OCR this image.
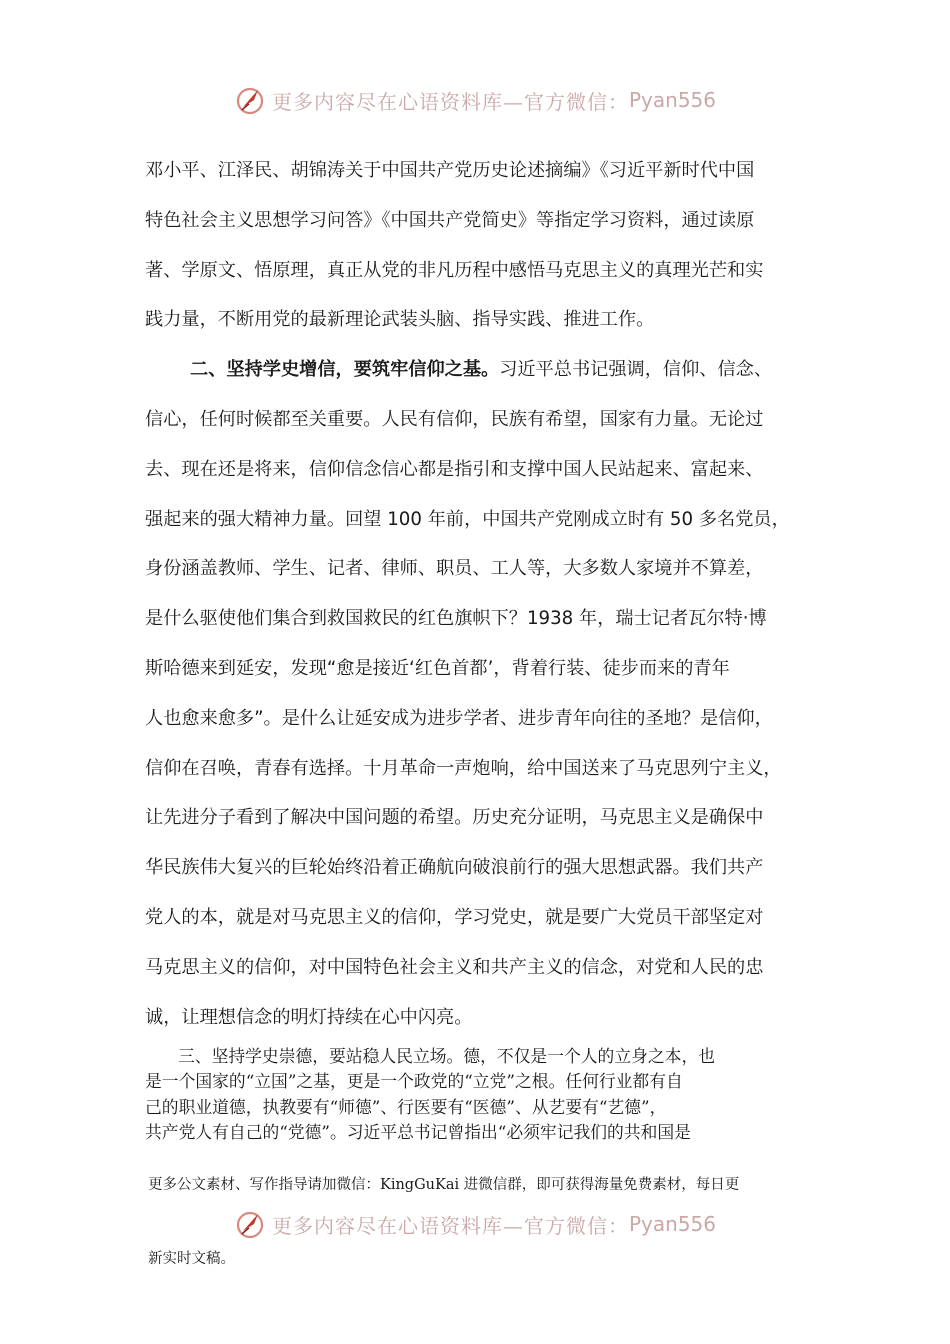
更多内容尽在心语资料库—官方微信： Pyan556
邓小平、江泽民、胡锦涛关于中国共产党历史论述摘编》《习近平新时代中国
特色社会主义思想学习问答》《中国共产党简史》等指定学习资料，通过读原
著、学原文、悟原理，真正从党的非凡历程中感悟马克思主义的真理光芒和实
践力量，不断用党的最新理论武装头脑、指导实践、推进工作。
二、坚持学史增信，要筑牢信仰之基。习近平总书记强调，信仰、信念、
信心，任何时候都至关重要。人民有信仰，民族有希望，国家有力量。无论过
去、现在还是将来，信仰信念信心都是指引和支撑中国人民站起来、富起来、
强起来的强大精神力量。回望 100 年前，中国共产党刚成立时有 50 多名党员，
身份涵盖教师、学生、记者、律师、职员、工人等，大多数人家境并不算差，
是什么驱使他们集合到救国救民的红色旗帜下？1938 年，瑞士记者瓦尔特·博
斯哈德来到延安，发现“愈是接近‘红色首都’，背着行装、徒步而来的青年
人也愈来愈多”。是什么让延安成为进步学者、进步青年向往的圣地？是信仰，
信仰在召唤，青春有选择。十月革命一声炮响，给中国送来了马克思列宁主义，
让先进分子看到了解决中国问题的希望。历史充分证明，马克思主义是确保中
华民族伟大复兴的巨轮始终沿着正确航向破浪前行的强大思想武器。我们共产
党人的本，就是对马克思主义的信仰，学习党史，就是要广大党员干部坚定对
马克思主义的信仰，对中国特色社会主义和共产主义的信念，对党和人民的忠
诚，让理想信念的明灯持续在心中闪亮。
三、坚持学史崇德，要站稳人民立场。德，不仅是一个人的立身之本，也
是一个国家的“立国”之基，更是一个政党的“立党”之根。任何行业都有自
己的职业道德，执教要有“师德”、行医要有“医德”、从艺要有“艺德”，
共产党人有自己的“党德”。习近平总书记曾指出“必须牢记我们的共和国是
更多公文素材、写作指导请加微信：KingGuKai 进微信群，即可获得海量免费素材，每日更
更多内容尽在心语资料库—官方微信： Pyan556
新实时文稿。
